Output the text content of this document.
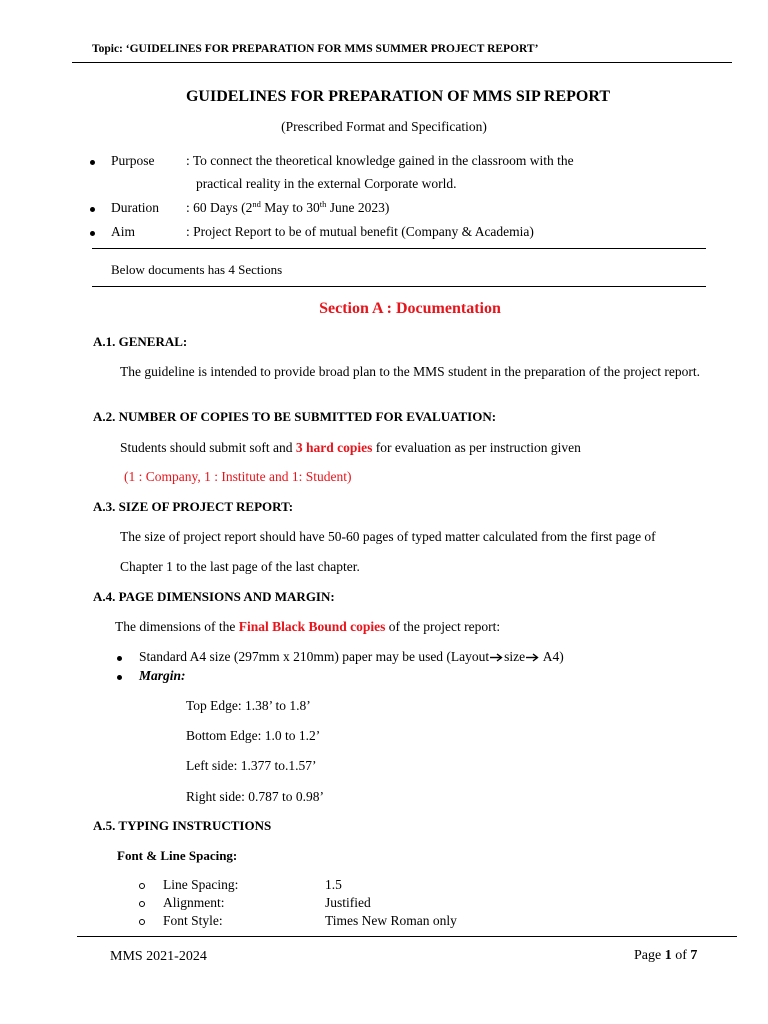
Topic: ‘GUIDELINES FOR PREPARATION FOR MMS SUMMER PROJECT REPORT’
GUIDELINES FOR PREPARATION OF MMS SIP REPORT
(Prescribed Format and Specification)
Purpose : To connect the theoretical knowledge gained in the classroom with the
practical reality in the external Corporate world.
Duration : 60 Days (2nd May to 30th June 2023)
Aim	: Project Report to be of mutual benefit (Company & Academia)
Below documents has 4 Sections
Section A : Documentation
A.1. GENERAL:
The guideline is intended to provide broad plan to the MMS student in the preparation of the project report.
A.2. NUMBER OF COPIES TO BE SUBMITTED FOR EVALUATION:
Students should submit soft and 3 hard copies for evaluation as per instruction given
(1 : Company, 1 : Institute and 1: Student)
A.3. SIZE OF PROJECT REPORT:
The size of project report should have 50-60 pages of typed matter calculated from the first page of
Chapter 1 to the last page of the last chapter.
A.4. PAGE DIMENSIONS AND MARGIN:
The dimensions of the Final Black Bound copies of the project report:
Standard A4 size (297mm x 210mm) paper may be used (Layout size A4)
Margin:
Top Edge: 1.38’ to 1.8’
Bottom Edge: 1.0 to 1.2’
Left side: 1.377 to.1.57’
Right side: 0.787 to 0.98’
A.5. TYPING INSTRUCTIONS
Font & Line Spacing:
Line Spacing:	1.5
Alignment:	Justified
Font Style:	Times New Roman only
MMS 2021-2024	Page 1 of 7
